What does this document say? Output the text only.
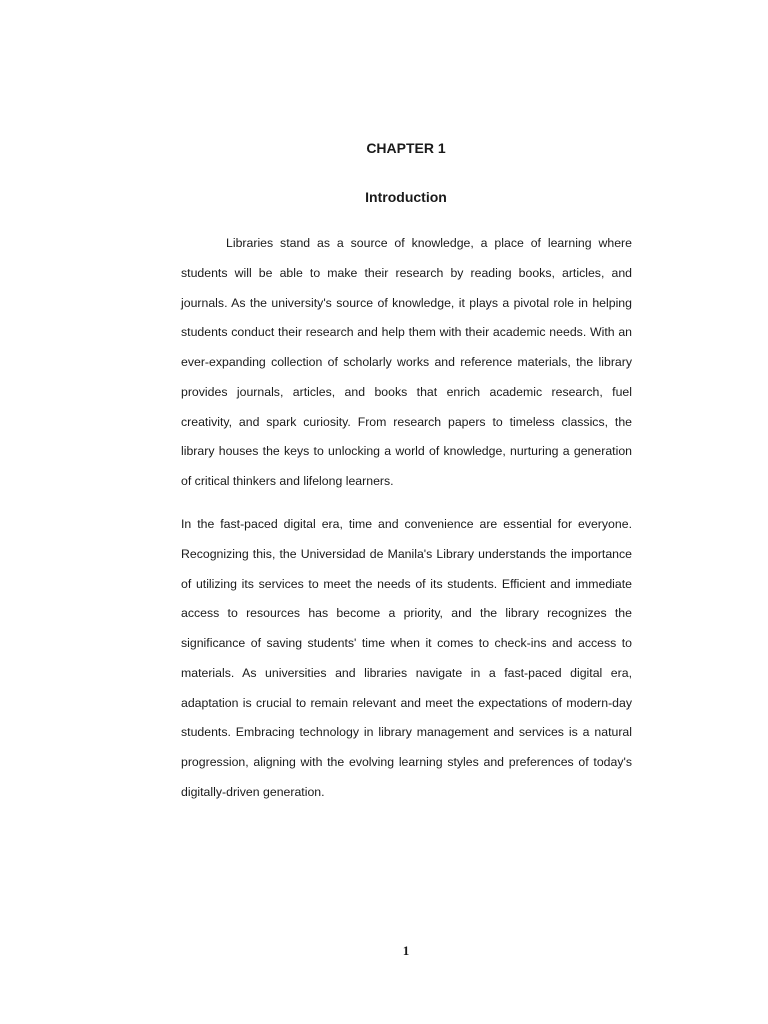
CHAPTER 1
Introduction

Libraries stand as a source of knowledge, a place of learning where students will be able to make their research by reading books, articles, and journals. As the university's source of knowledge, it plays a pivotal role in helping students conduct their research and help them with their academic needs. With an ever-expanding collection of scholarly works and reference materials, the library provides journals, articles, and books that enrich academic research, fuel creativity, and spark curiosity. From research papers to timeless classics, the library houses the keys to unlocking a world of knowledge, nurturing a generation of critical thinkers and lifelong learners.

In the fast-paced digital era, time and convenience are essential for everyone. Recognizing this, the Universidad de Manila's Library understands the importance of utilizing its services to meet the needs of its students. Efficient and immediate access to resources has become a priority, and the library recognizes the significance of saving students' time when it comes to check-ins and access to materials. As universities and libraries navigate in a fast-paced digital era, adaptation is crucial to remain relevant and meet the expectations of modern-day students. Embracing technology in library management and services is a natural progression, aligning with the evolving learning styles and preferences of today's digitally-driven generation.

1
